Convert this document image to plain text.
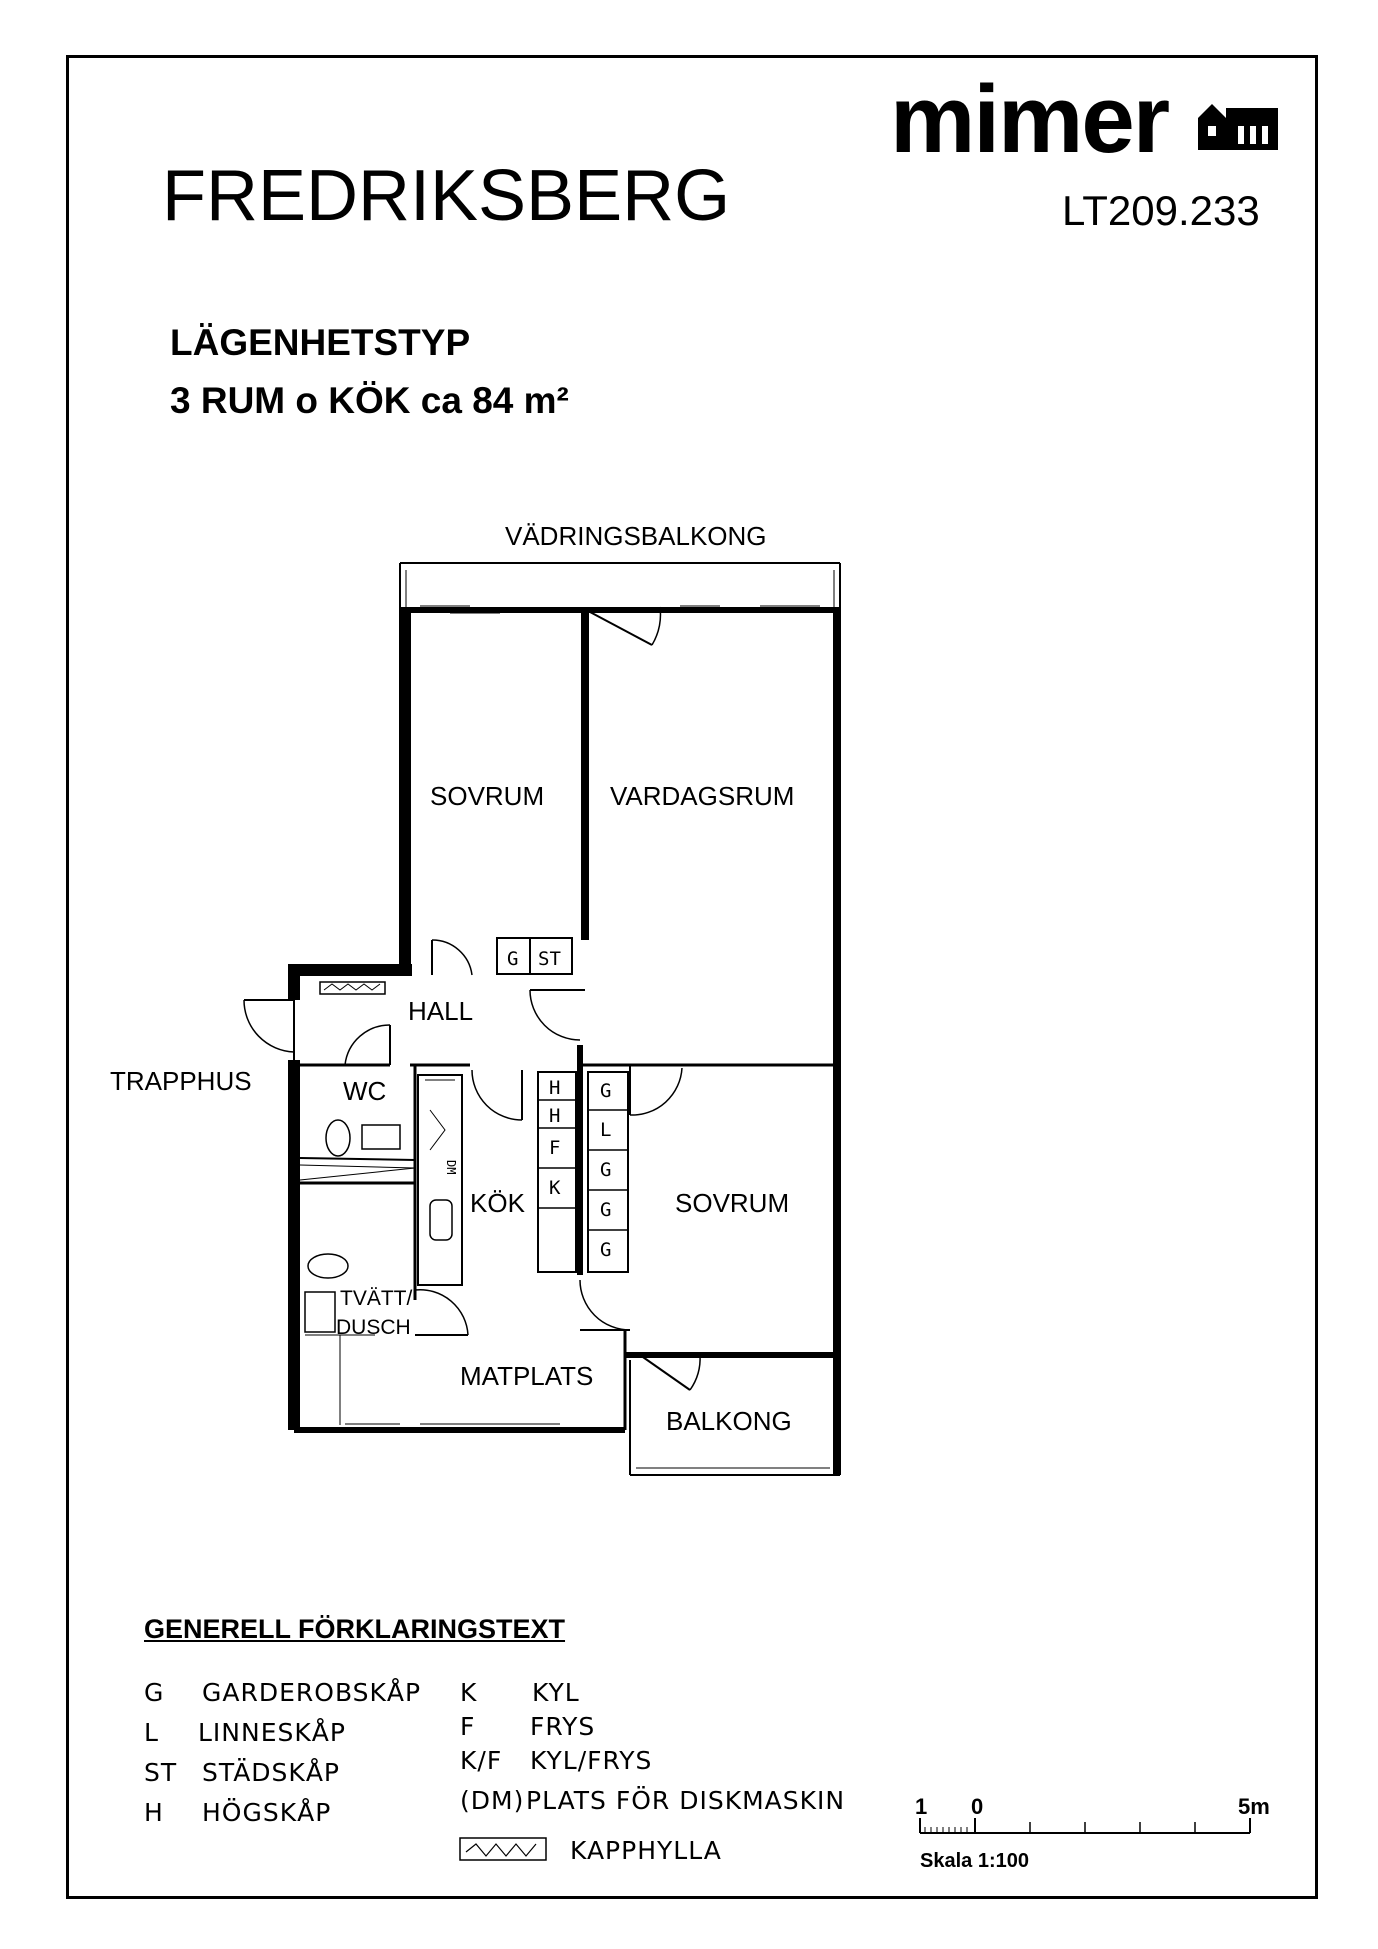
mimer
FREDRIKSBERG	LT209.233
LÄGENHETSTYP
3 RUM o KÖK ca 84 m²
VÄDRINGSBALKONG
SOVRUM	VARDAGSRUM
HALL
TRAPPHUS	WC
KÖK	SOVRUM
TVÄTT/
DUSCH
MATPLATS
BALKONG
G ST
H
H
F
K
G
L
G
G
G
DM
GENERELL FÖRKLARINGSTEXT
G GARDEROBSKÅP
L LINNESKÅP
ST STÄDSKÅP
H HÖGSKÅP
K KYL
F FRYS
K/F KYL/FRYS
(DM) PLATS FÖR DISKMASKIN
KAPPHYLLA
1 0	5m
Skala 1:100
